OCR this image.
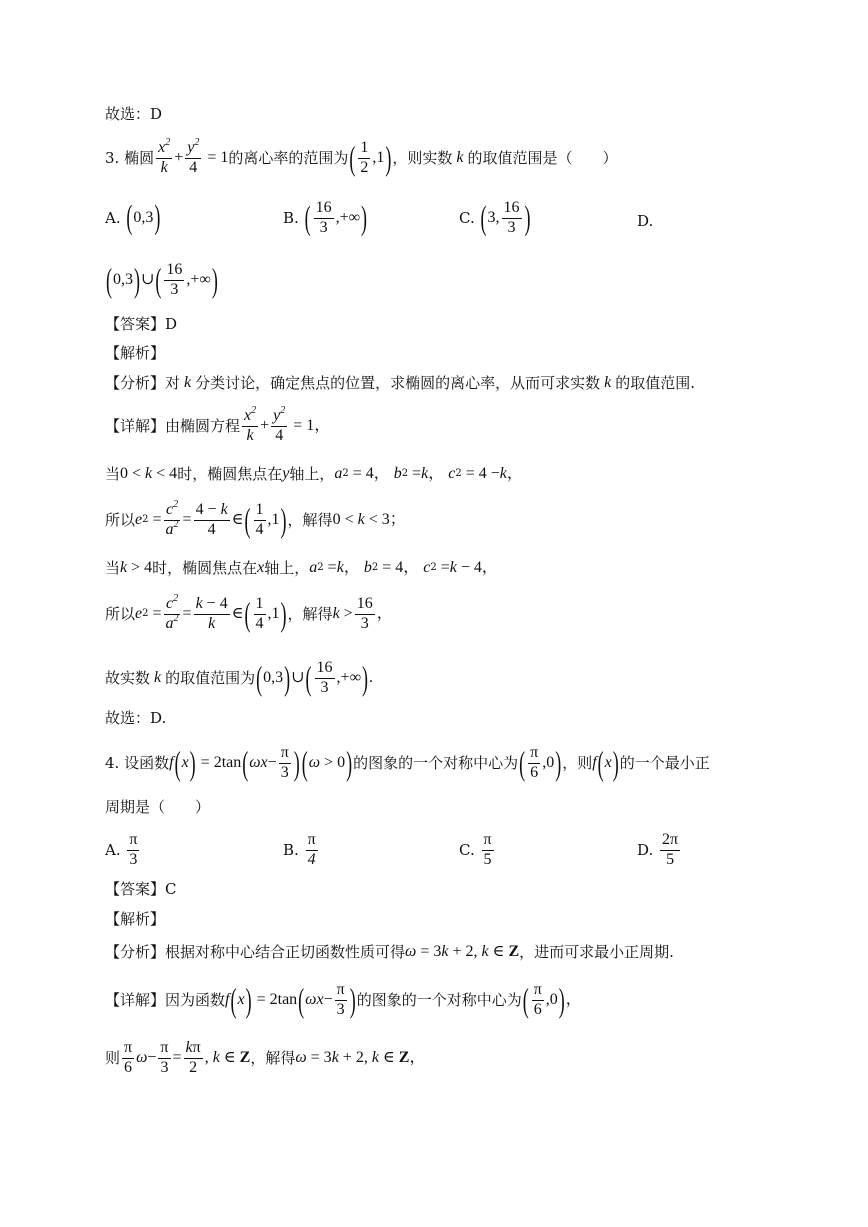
故选：D
3.
椭圆 $\frac{x^2}{k} + \frac{y^2}{4} = 1$ 的离心率的范围为 ( $\frac{1}{2} ,1$ ) ，则实数 k 的取值范围是（　　）
A.
( 0,3 )	B.
( $\frac{16}{3}$ ,+∞ )	C.
( 3, $\frac{16}{3}$ )	D.
( 0,3 ) ∪ ( $\frac{16}{3}$ ,+∞ )
【答案】D
【解析】
【分析】 对 k 分类讨论，确定焦点的位置，求椭圆的离心率，从而可求实数 k 的取值范围.
【详解】 由椭圆方程 $\frac{x^2}{k} + \frac{y^2}{4} = 1$，
当 0 < k < 4 时，椭圆焦点在 y 轴上， a 2 = 4， b 2 = k ， c 2 = 4 − k ，
所以 e $2 = \frac{c^2}{a^2} = \frac{4 - k}{4}$ ∈ ( $\frac{1}{4} ,1$ ) ，解得 0 < k < 3；
当 k > 4 时，椭圆焦点在 x 轴上， a 2 = k ， b 2 = 4， c 2 = k − 4，
所以 e $2 = \frac{c^2}{a^2} = \frac{k - 4}{k}$ ∈ ( $\frac{1}{4} ,1$ ) ，解得 $k > \frac{16}{3}$ ，
故实数 k 的取值范围为 ( 0,3 ) ∪ ( $\frac{16}{3}$ ,+∞ ) .
故选：D.
4.
设函数 f ( x ) = 2tan ( $\omega x - \frac{\pi}{3}$ ) ( ω > 0 ) 的图象的一个对称中心为 ( $\frac{\pi}{6} ,0$ ) ，则 f ( x ) 的一个最小正
周期是（　　）
A.
$\frac{\pi}{3}$	B.
$\frac{\pi}{4}$	C.
$\frac{\pi}{5}$	D.
$\frac{2\pi}{5}$
【答案】C
【解析】
【分析】 根据对称中心结合正切函数性质可得 ω = 3 k + 2, k ∈ Z ，进而可求最小正周期.
【详解】 因为函数 f ( x ) = 2tan ( $\omega x - \frac{\pi}{3}$ ) 的图象的一个对称中心为 ( $\frac{\pi}{6} ,0$ ) ，
则 $\frac{\pi}{6}$ $\omega - \frac{\pi}{3} = \frac{k\pi}{2}$ , k ∈ Z ，解得 ω = 3 k + 2, k ∈ Z ，
